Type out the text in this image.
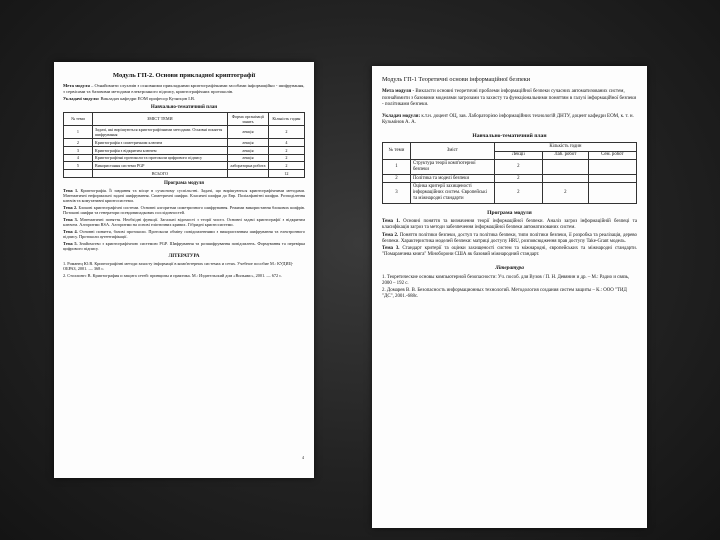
Модуль ГП-2. Основи прикладної криптографії
Мета модуля – Ознайомити слухачів з основними прикладними криптографічними засобами інформаційно - шифрування, з сервісами та базовими методами електронного підпису, криптографічних протоколів.
Укладачі модуля: Викладач кафедри ЕОМ професор Кузнєцов І.В.
Навчально-тематичний план
№ теми	ЗМІСТ ТЕМИ	Форма організації занять	Кількість годин
1	Задачі, які вирішуються криптографічними методами. Основні поняття шифрування	лекція	2
2	Криптографія з симетричним ключем	лекція	4
3	Криптографія з відкритим ключем	лекція	2
4	Криптографічні протоколи та протоколи цифрового підпису	лекція	2
5	Використання системи PGP	лабораторна робота	2
	ВСЬОГО		12
Програма модуля
Тема 1. Криптографія. Її завдання та місце в сучасному суспільстві. Задачі, що вирішуються криптографічними методами. Математичні неформальні задачі шифрування. Симетричні шифри. Класичні шифри до Евр. Поліалфавітні шифри. Розподілення ключів та комутативні криптосистеми.
Тема 2. Блокові криптографічні системи. Основні алгоритми симетричного шифрування. Режими використання блокових шифрів. Потокові шифри та генератори псевдовипадкових послідовностей.
Тема 3. Математичні поняття. Необхідні функції. Загальні відомості з теорії чисел. Основні задачі криптографії з відкритим ключем. Алгоритми RSA. Алгоритми на основі еліптичних кривих. Гібридні криптосистеми.
Тема 4. Основні поняття, базові протоколи. Протоколи обміну повідомленнями з використанням шифрування та електронного підпису. Протоколи аутентифікації.
Тема 5. Знайомство з криптографічною системою PGP. Шифрування та розшифрування повідомлень. Формування та перевірка цифрового підпису.
ЛІТЕРАТУРА
1. Романец Ю.В. Криптографічні методи захисту інформації в комп'ютерних системах и сетях. Учебное пособие М.: КУДИЦ-ОБРАЗ, 2001. — 368 с.
2. Столлингс В. Криптография и защита сетей: принципы и практика. М.: Издательский дом «Вильямс», 2001. — 672 с.
4
Модуль ГП-1 Теоретичні основи інформаційної безпеки
Мета модуля - Викласти основні теоретичні проблеми інформаційної безпеки сучасних автоматизованих систем, познайомити з базовими моделями загрозами та захисту та функціональними поняттям в галузі інформаційної безпеки - політиками безпеки.
Укладач модуля: к.т.н. доцент ОЦ, зав. Лабораторією інформаційних технологій ДНТУ, доцент кафедри ЕОМ, к. т. н. Кузьмінов А. А.
Навчально-тематичний план
№ теми	Зміст	Кількість годин		
		Лекції	Лаб. робот	Сем. робот
1	Структура теорії комп'ютерної безпеки	2		
2	Політика та моделі безпеки	2		
3	Оцінка критерії захищеності інформаційних систем. Європейські та міжнародні стандарти	2	2	
Програма модуля
Тема 1. Основні поняття та визначення теорії інформаційної безпеки. Аналіз загроз інформаційній безпеці та класифікація загроз та методи забезпечення інформаційної безпеки автоматизованих систем.
Тема 2. Поняття політики безпеки, доступ та політика безпеки, типи політики безпеки, її розробка та реалізація, дерево безпеки. Характеристика моделей безпеки: матриці доступу HRU, розповсюдження прав доступу Take-Grant модель.
Тема 3. Стандарт критерії та оцінки захищеності систем та міжнародні, європейських та міжнародні стандарти. "Помаранчева книга" Міноборони США як базовий міжнародний стандарт.
Література
1. Теоретические основы компьютерной безопасности: Уч. пособ. для Вузов / П. Н. Девянин и др. – М.: Радио и связь, 2000 – 192 с.
2. Домарев В. В. Безопасность информационных технологий. Методология создания систем защиты – К.: ООО "ТИД "ДС", 2001.-688с.
